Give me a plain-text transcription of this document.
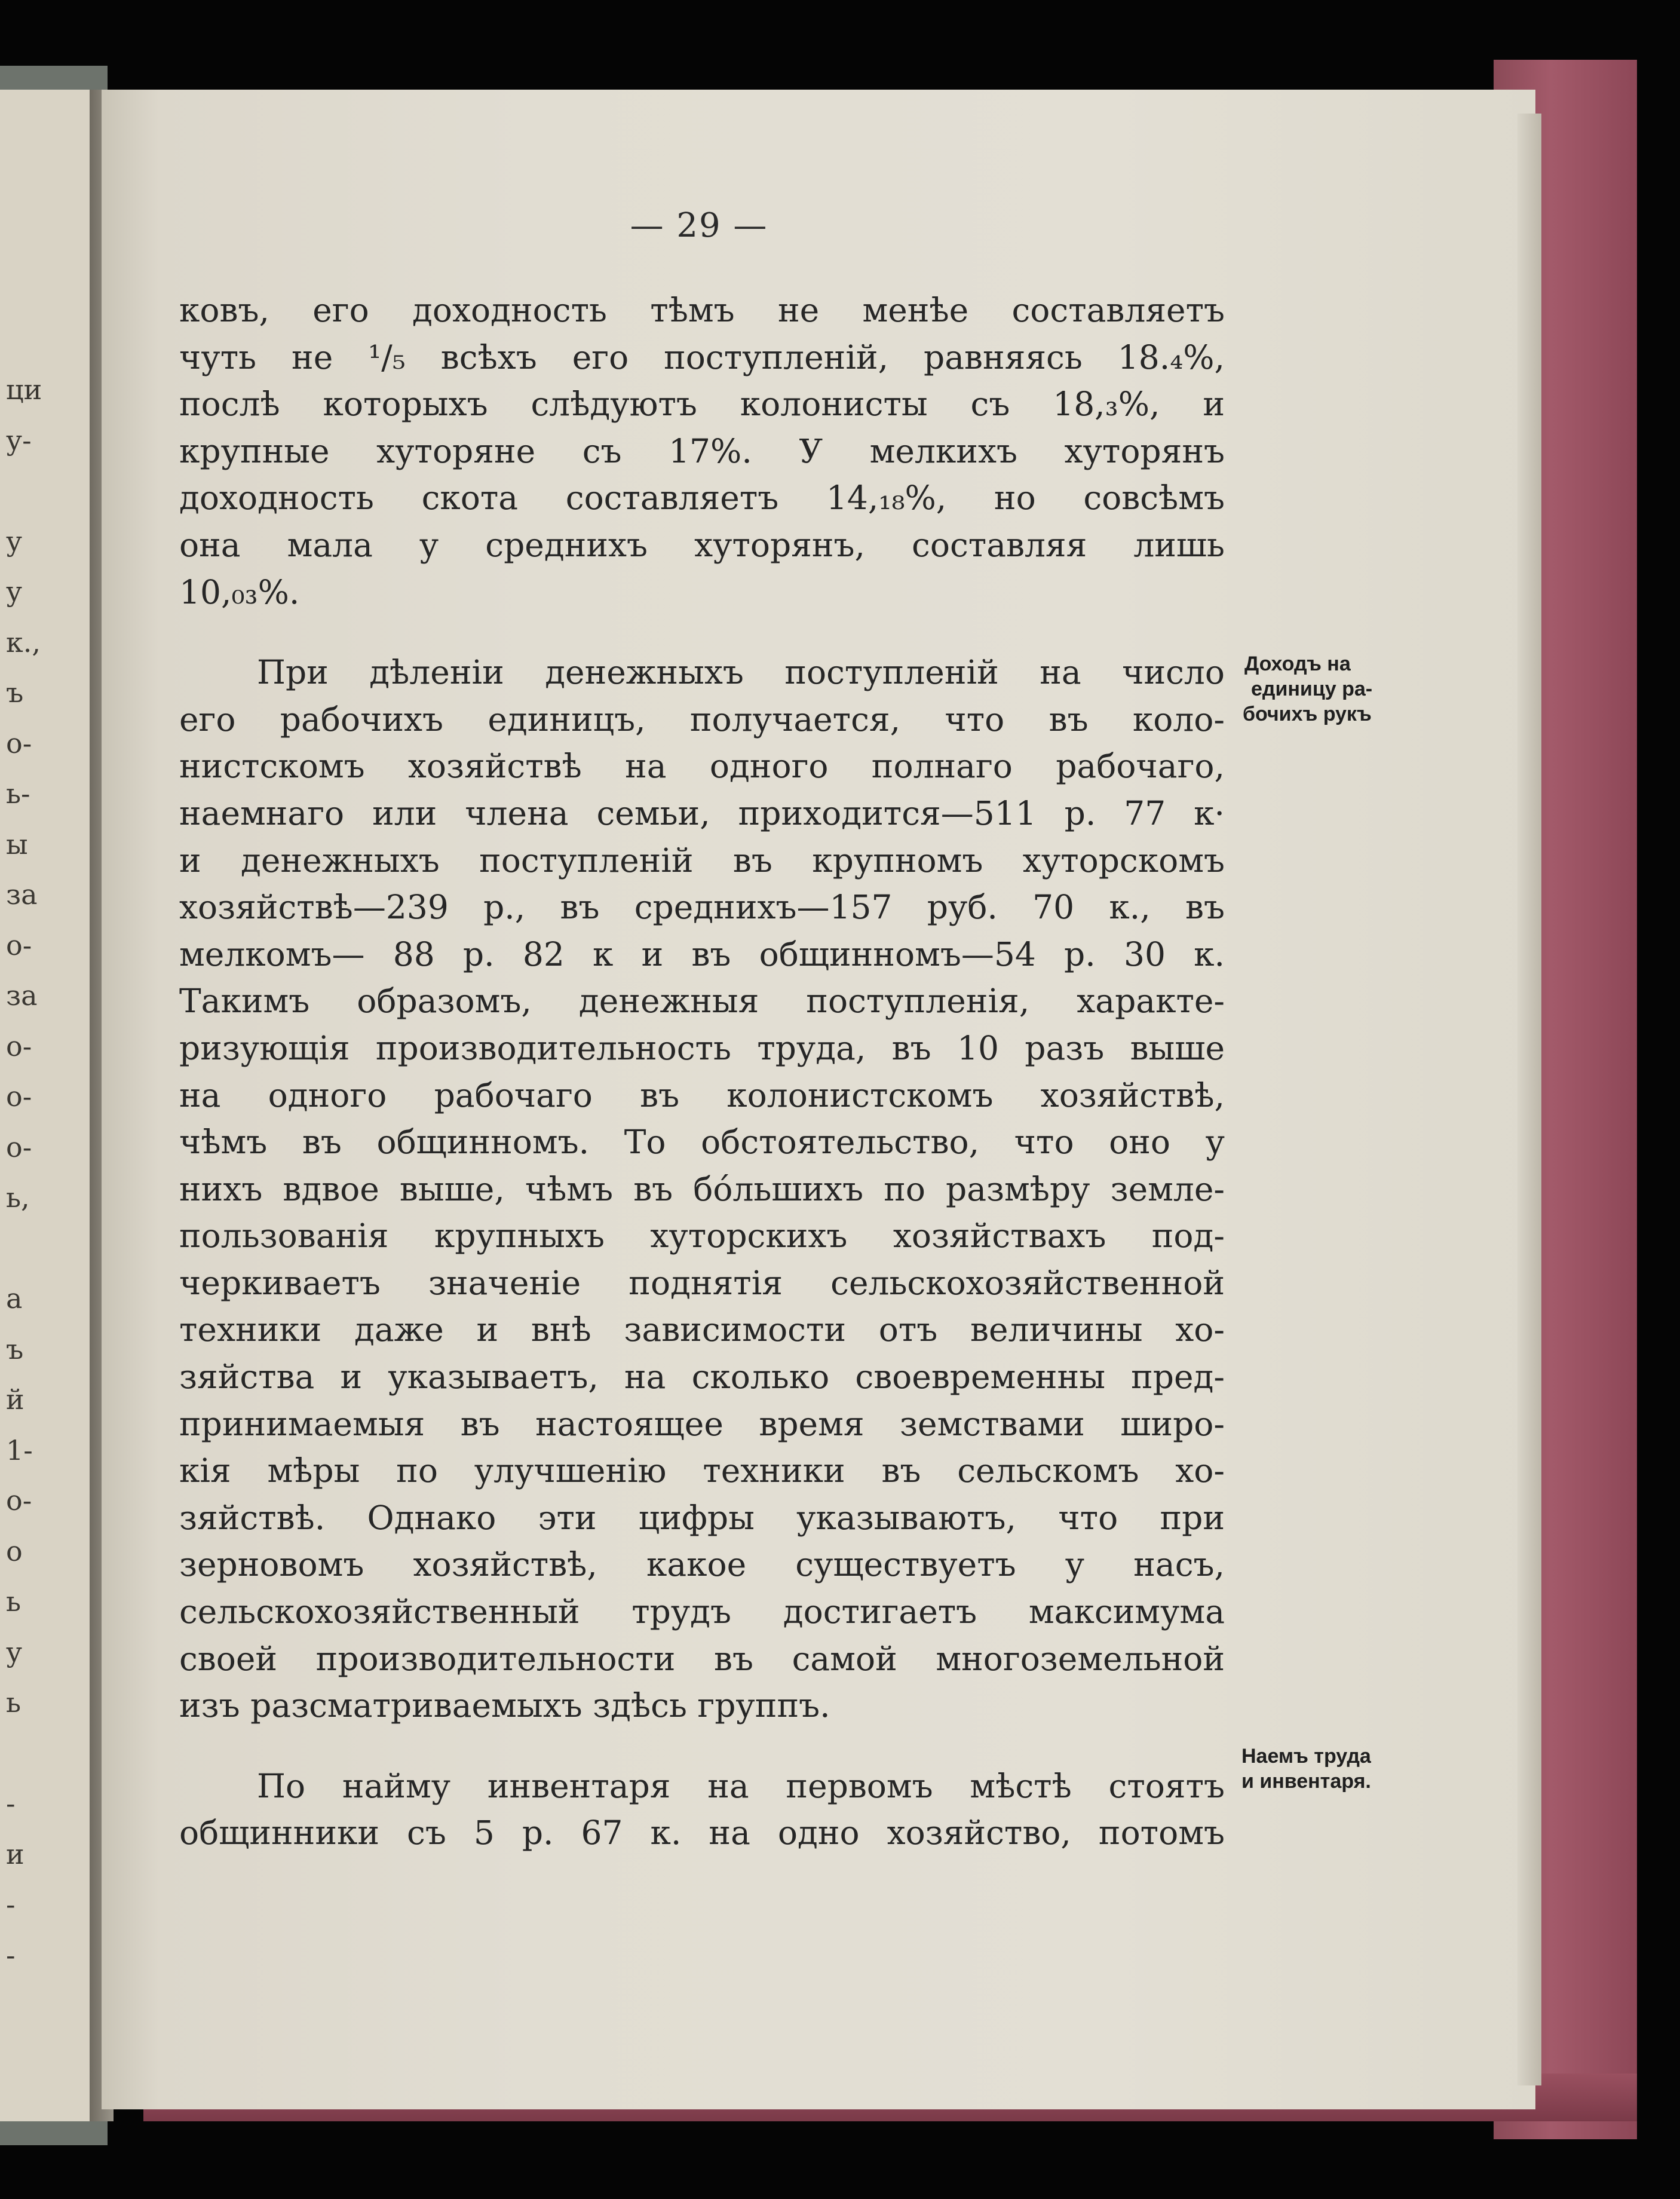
ци
у-
у
у
к.,
ъ
о-
ь-
ы
за
о-
за
о-
о-
о-
ь,
а
ъ
й
1-
о-
о
ь
у
ь
-
и
-
-
— 29 —
ковъ, его доходность тѣмъ не менѣе составляетъ
чуть не ¹/₅ всѣхъ его поступленій, равняясь 18.₄%,
послѣ которыхъ слѣдуютъ колонисты съ 18,₃%, и
крупные хуторяне съ 17%. У мелкихъ хуторянъ
доходность скота составляетъ 14,₁₈%, но совсѣмъ
она мала у среднихъ хуторянъ, составляя лишь
10,₀₃%.
При дѣленіи денежныхъ поступленій на число
его рабочихъ единицъ, получается, что въ коло-
нистскомъ хозяйствѣ на одного полнаго рабочаго,
наемнаго или члена семьи, приходится—511 р. 77 к·
и денежныхъ поступленій въ крупномъ хуторскомъ
хозяйствѣ—239 р., въ среднихъ—157 руб. 70 к., въ
мелкомъ— 88 р. 82 к и въ общинномъ—54 р. 30 к.
Такимъ образомъ, денежныя поступленія, характе-
ризующія производительность труда, въ 10 разъ выше
на одного рабочаго въ колонистскомъ хозяйствѣ,
чѣмъ въ общинномъ. То обстоятельство, что оно у
нихъ вдвое выше, чѣмъ въ бóльшихъ по размѣру земле-
пользованія крупныхъ хуторскихъ хозяйствахъ под-
черкиваетъ значеніе поднятія сельскохозяйственной
техники даже и внѣ зависимости отъ величины хо-
зяйства и указываетъ, на сколько своевременны пред-
принимаемыя въ настоящее время земствами широ-
кія мѣры по улучшенію техники въ сельскомъ хо-
зяйствѣ. Однако эти цифры указываютъ, что при
зерновомъ хозяйствѣ, какое существуетъ у насъ,
сельскохозяйственный трудъ достигаетъ максимума
своей производительности въ самой многоземельной
изъ разсматриваемыхъ здѣсь группъ.
По найму инвентаря на первомъ мѣстѣ стоятъ
общинники съ 5 р. 67 к. на одно хозяйство, потомъ
Доходъ на
единицу ра-
бочихъ рукъ
Наемъ труда
и инвентаря.
